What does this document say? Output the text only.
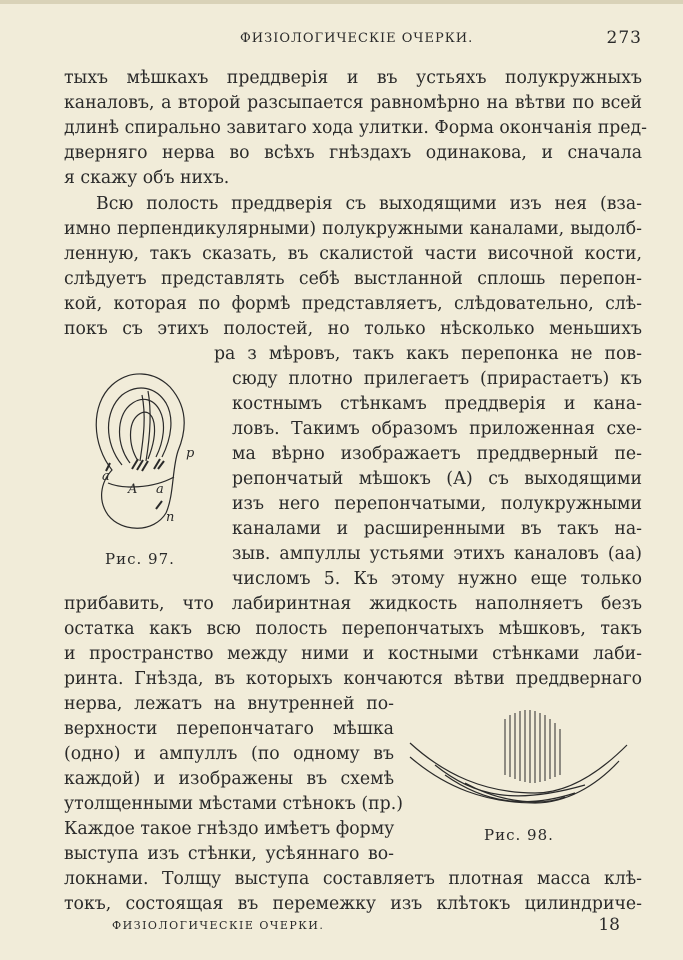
ФИЗIОЛОГИЧЕСКIЕ ОЧЕРКИ.	273
тыхъ мѣшкахъ преддверія и въ устьяхъ полукружныхъ
каналовъ, а второй разсыпается равномѣрно на вѣтви по всей
длинѣ спирально завитаго хода улитки. Форма окончанія пред-
дверняго нерва во всѣхъ гнѣздахъ одинакова, и сначала
я скажу объ нихъ.
Всю полость преддверія съ выходящими изъ нея (вза-
имно перпендикулярными) полукружными каналами, выдолб-
ленную, такъ сказать, въ скалистой части височной кости,
слѣдуетъ представлять себѣ выстланной сплошь перепон-
кой, которая по формѣ представляетъ, слѣдовательно, слѣ-
покъ съ этихъ полостей, но только нѣсколько меньшихъ
ра з мѣровъ, такъ какъ перепонка не пов-
сюду плотно прилегаетъ (прирастаетъ) къ
костнымъ стѣнкамъ преддверія и кана-
ловъ. Такимъ образомъ приложенная схе-
ма вѣрно изображаетъ преддверный пе-
репончатый мѣшокъ (А) съ выходящими
изъ него перепончатыми, полукружными
каналами и расширенными въ такъ на-
зыв. ампуллы устьями этихъ каналовъ (аа)
числомъ 5. Къ этому нужно еще только
прибавить, что лабиринтная жидкость наполняетъ безъ
остатка какъ всю полость перепончатыхъ мѣшковъ, такъ
и пространство между ними и костными стѣнками лаби-
ринта. Гнѣзда, въ которыхъ кончаются вѣтви преддвернаго
нерва, лежатъ на внутренней по-
верхности перепончатаго мѣшка
(одно) и ампуллъ (по одному въ
каждой) и изображены въ схемѣ
утолщенными мѣстами стѣнокъ (пр.)
Каждое такое гнѣздо имѣетъ форму
выступа изъ стѣнки, усѣяннаго во-
локнами. Толщу выступа составляетъ плотная масса клѣ-
токъ, состоящая въ перемежку изъ клѣтокъ цилиндриче-
a
A a
p
n
Рис. 97.
Рис. 98.
ФИЗIОЛОГИЧЕСКIЕ ОЧЕРКИ.	18
